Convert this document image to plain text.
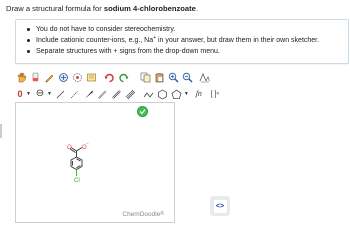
Draw a structural formula for sodium 4-chlorobenzoate.
You do not have to consider stereochemistry.
Include cationic counter-ions, e.g., Na+ in your answer, but draw them in their own sketcher.
Separate structures with + signs from the drop-down menu.
0 ▼ ⊖ ▼	▼ ʃ n	[ ]ⁿ
O O
−
Cl
ChemDoodle®
<>
